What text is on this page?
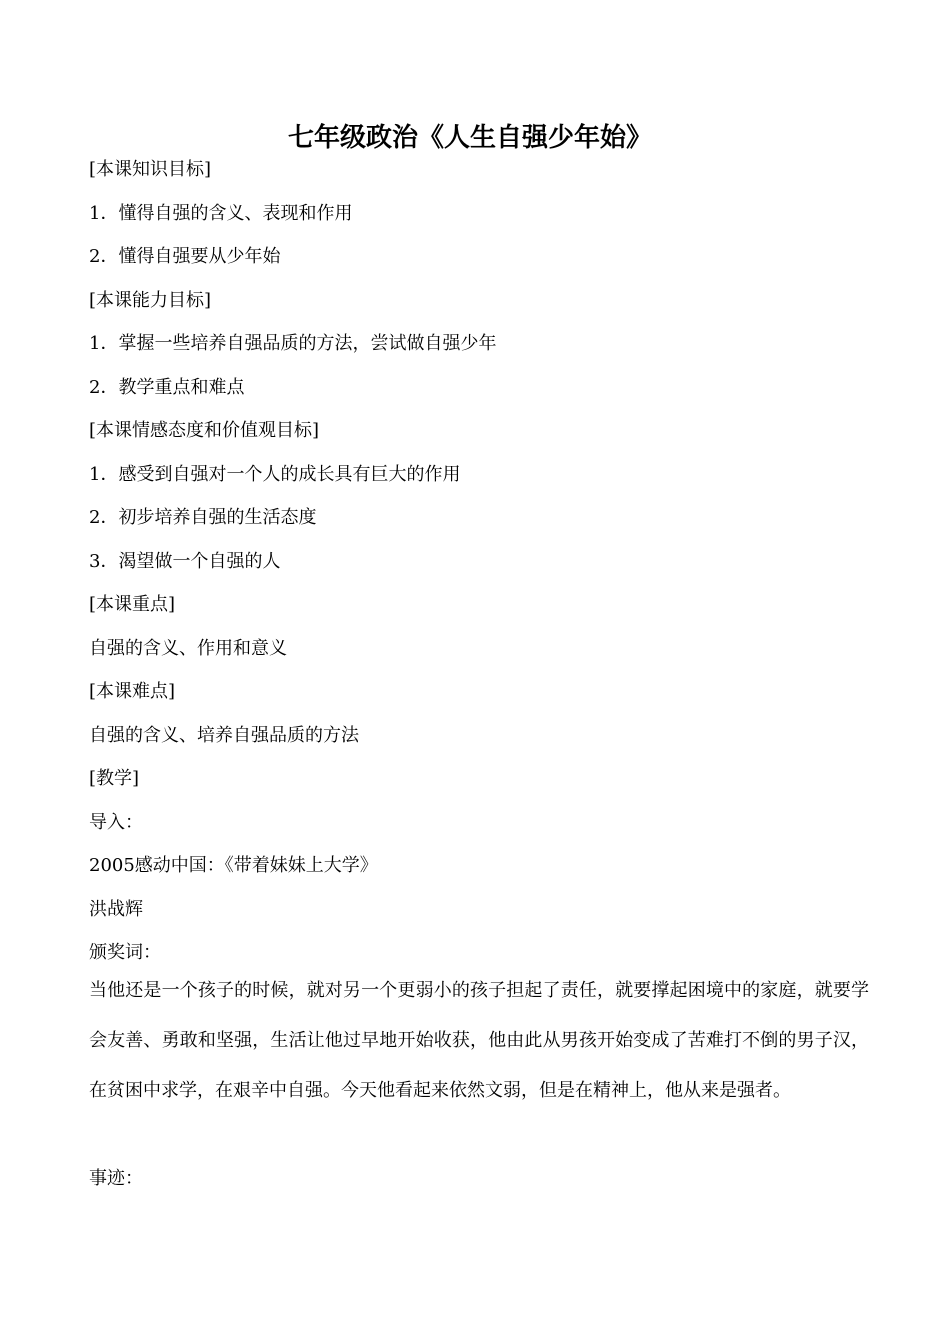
七年级政治《人生自强少年始》

[本课知识目标]

1．懂得自强的含义、表现和作用

2．懂得自强要从少年始

[本课能力目标]

1．掌握一些培养自强品质的方法，尝试做自强少年

2．教学重点和难点

[本课情感态度和价值观目标]

1．感受到自强对一个人的成长具有巨大的作用

2．初步培养自强的生活态度

3．渴望做一个自强的人

[本课重点]

自强的含义、作用和意义

[本课难点]

自强的含义、培养自强品质的方法

[教学]

导入：

2005感动中国：《带着妹妹上大学》

洪战辉

颁奖词：

当他还是一个孩子的时候，就对另一个更弱小的孩子担起了责任，就要撑起困境中的家庭，就要学会友善、勇敢和坚强，生活让他过早地开始收获，他由此从男孩开始变成了苦难打不倒的男子汉，在贫困中求学，在艰辛中自强。今天他看起来依然文弱，但是在精神上，他从来是强者。

事迹：
